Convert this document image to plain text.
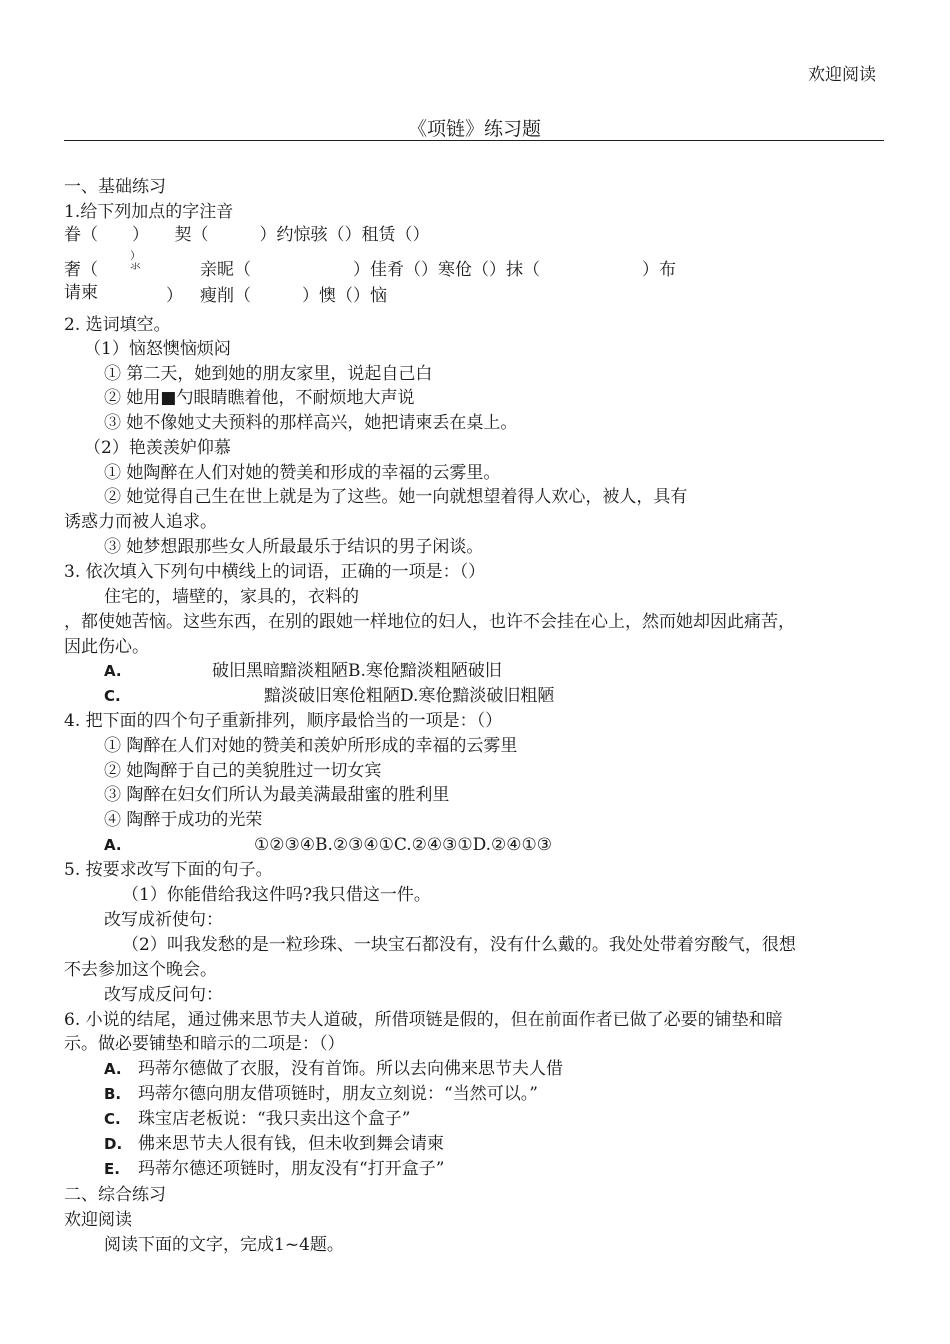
欢迎阅读
《项链》练习题
一、基础练习
1.给下列加点的字注音
眷（　　）　　契（　　　）约惊骇（）租赁（）
奢（
）
氺	亲昵（　　　　　　）佳肴（）寒伧（）抹（　　　　　　）布
请柬	） 瘦削（　　　）懊（）恼
2. 选词填空。
（1）恼怒懊恼烦闷
① 第二天，她到她的朋友家里，说起自己白
② 她用■勺眼睛瞧着他，不耐烦地大声说
③ 她不像她丈夫预料的那样高兴，她把请柬丢在桌上。
（2）艳羡羡妒仰慕
① 她陶醉在人们对她的赞美和形成的幸福的云雾里。
② 她觉得自己生在世上就是为了这些。她一向就想望着得人欢心，被人，具有
诱惑力而被人追求。
③ 她梦想跟那些女人所最最乐于结识的男子闲谈。
3. 依次填入下列句中横线上的词语，正确的一项是：（）
住宅的，墙壁的，家具的，衣料的
，都使她苦恼。这些东西，在别的跟她一样地位的妇人，也许不会挂在心上，然而她却因此痛苦，
因此伤心。
A.	破旧黑暗黯淡粗陋B.寒伧黯淡粗陋破旧
C.	黯淡破旧寒伧粗陋D.寒伧黯淡破旧粗陋
4. 把下面的四个句子重新排列，顺序最恰当的一项是：（）
① 陶醉在人们对她的赞美和羡妒所形成的幸福的云雾里
② 她陶醉于自己的美貌胜过一切女宾
③ 陶醉在妇女们所认为最美满最甜蜜的胜利里
④ 陶醉于成功的光荣
A.	①②③④B.②③④①C.②④③①D.②④①③
5. 按要求改写下面的句子。
（1）你能借给我这件吗?我只借这一件。
改写成祈使句：
（2）叫我发愁的是一粒珍珠、一块宝石都没有，没有什么戴的。我处处带着穷酸气，很想
不去参加这个晚会。
改写成反问句：
6. 小说的结尾，通过佛来思节夫人道破，所借项链是假的，但在前面作者已做了必要的铺垫和暗
示。做必要铺垫和暗示的二项是：（）
A. 玛蒂尔德做了衣服，没有首饰。所以去向佛来思节夫人借
B. 玛蒂尔德向朋友借项链时，朋友立刻说：“当然可以。”
C. 珠宝店老板说：“我只卖出这个盒子”
D. 佛来思节夫人很有钱，但未收到舞会请柬
E. 玛蒂尔德还项链时，朋友没有“打开盒子”
二、综合练习
欢迎阅读
阅读下面的文字，完成1~4题。
